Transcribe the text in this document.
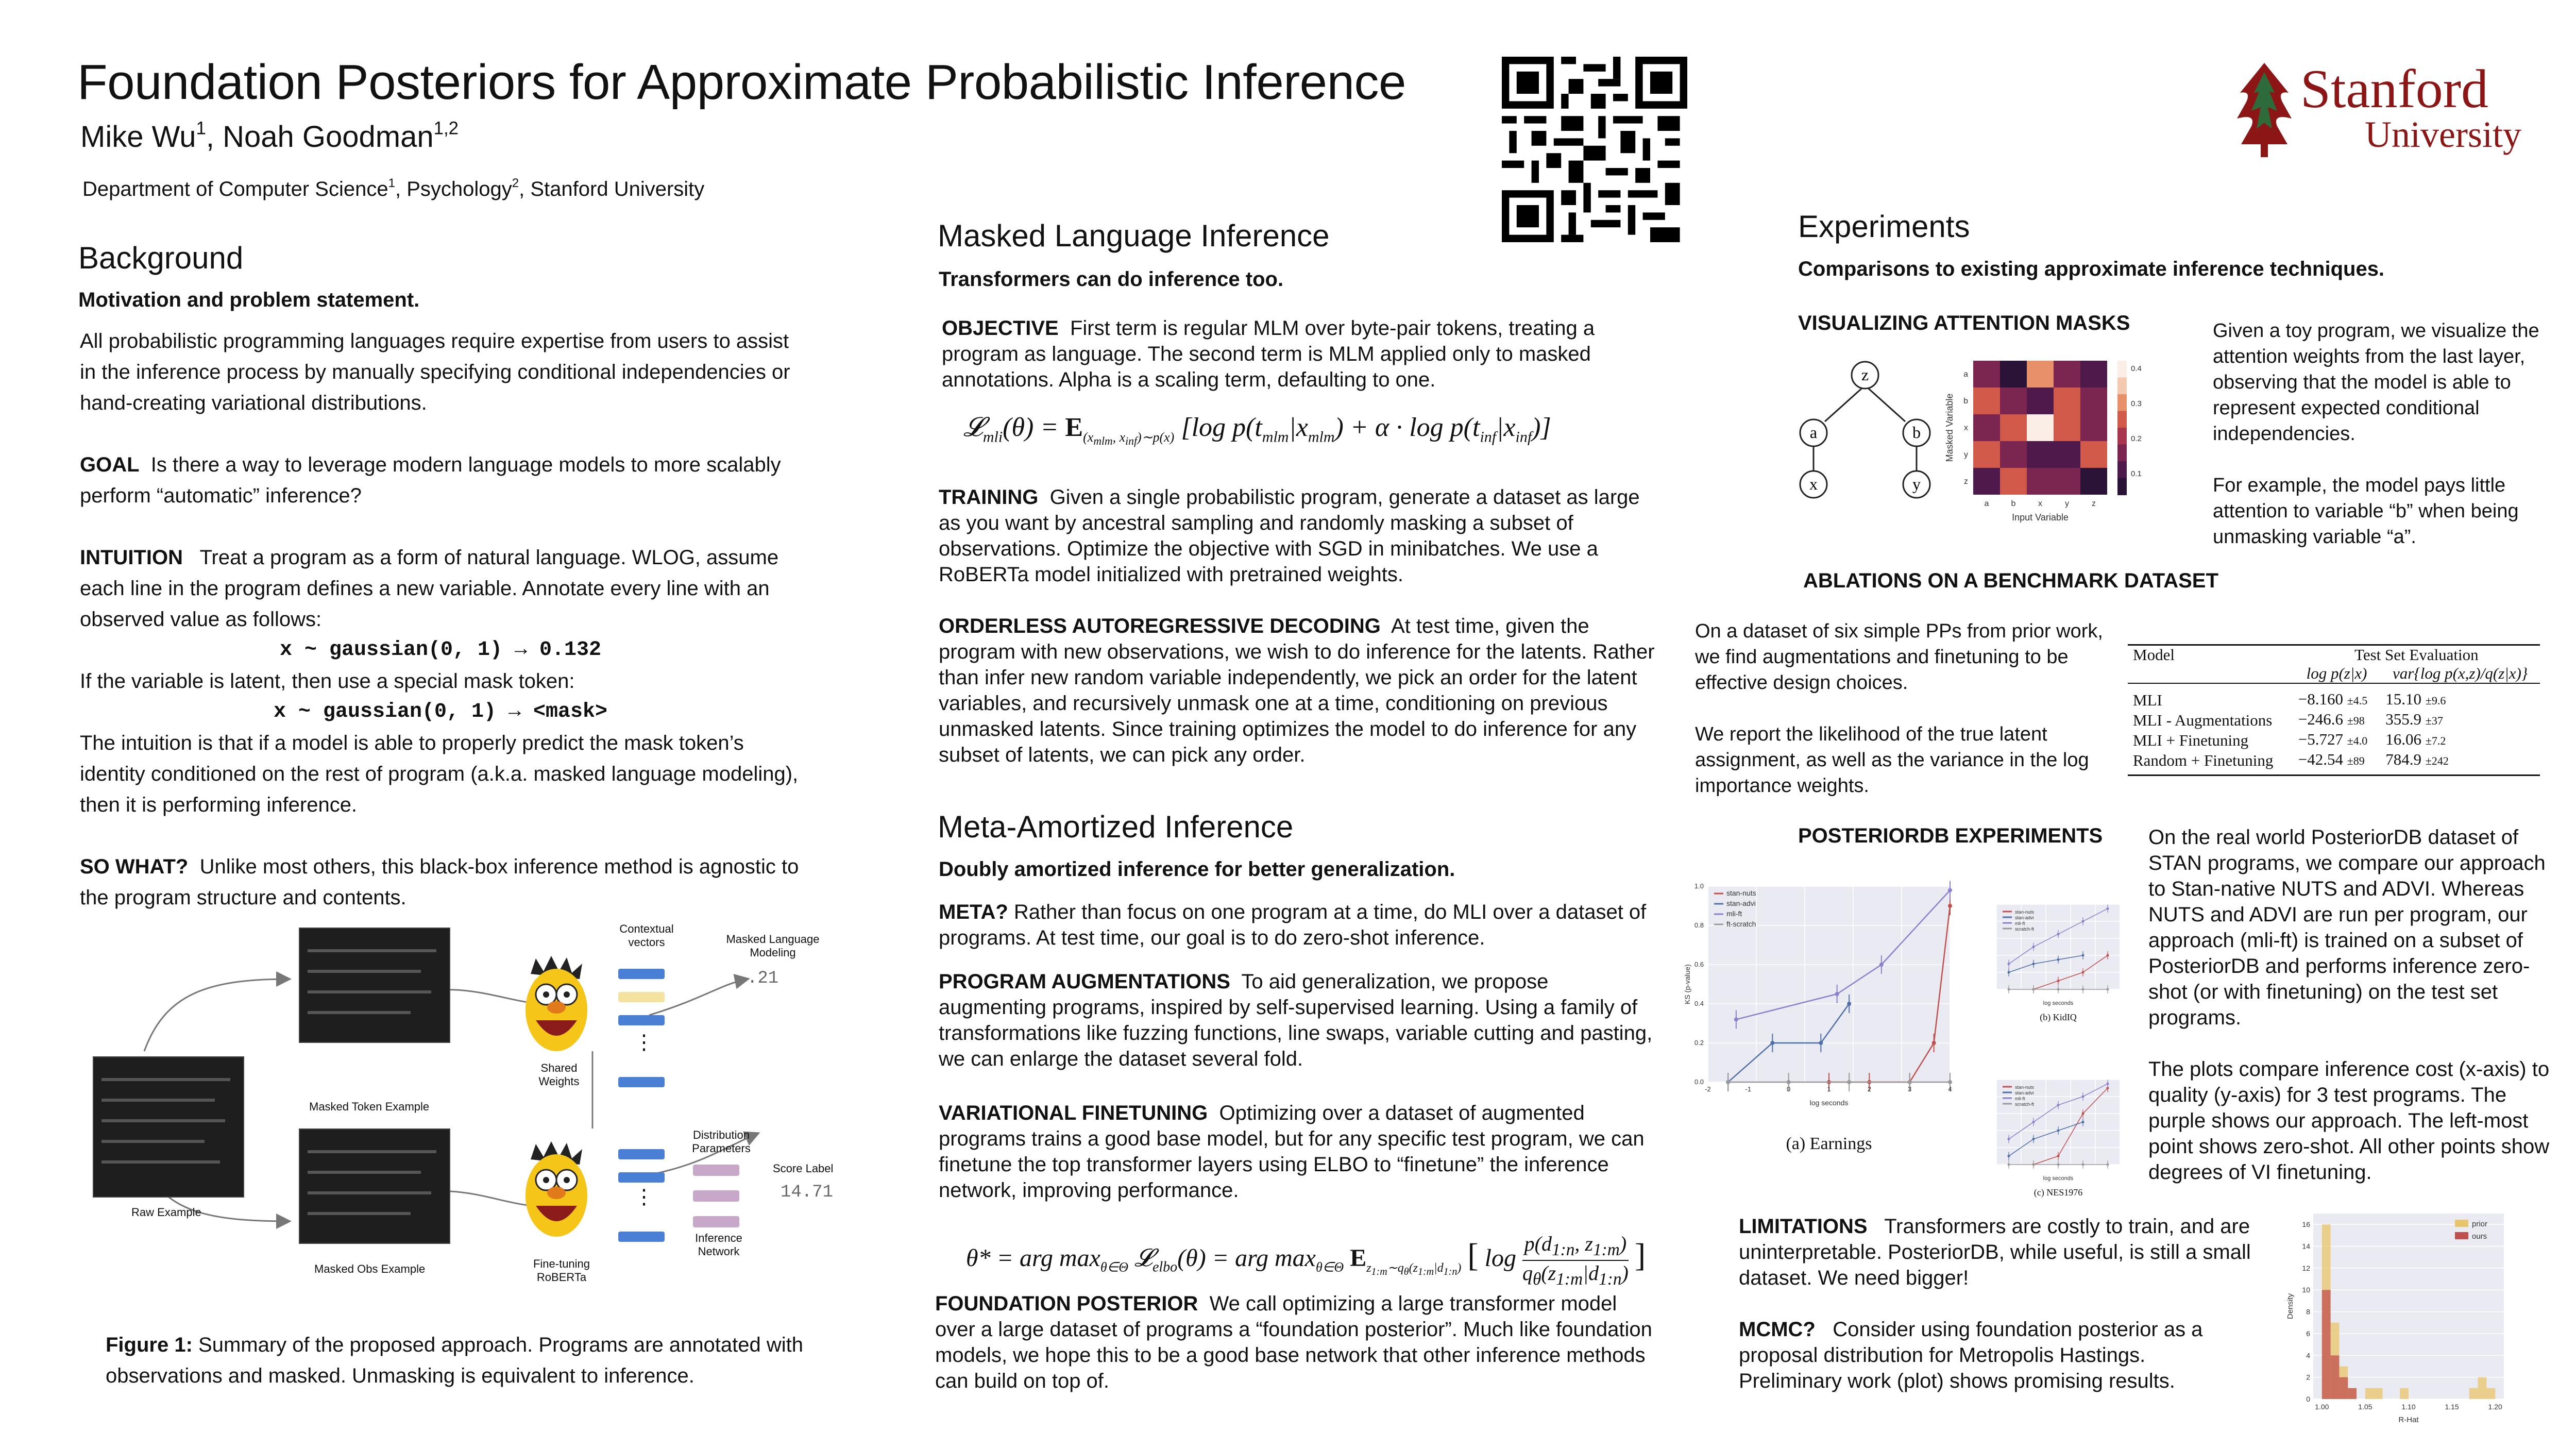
Foundation Posteriors for Approximate Probabilistic Inference
Mike Wu$^1$, Noah Goodman$^{1,2}$
Department of Computer Science$^1$, Psychology$^2$, Stanford University
Stanford
University
Background
Motivation and problem statement.

All probabilistic programming languages require expertise from users to assist in the inference process by manually specifying conditional independencies or hand-creating variational distributions.

GOAL Is there a way to leverage modern language models to more scalably perform “automatic” inference?

INTUITION Treat a program as a form of natural language. WLOG, assume each line in the program defines a new variable. Annotate every line with an observed value as follows:

x ~ gaussian(0, 1) → 0.132

If the variable is latent, then use a special mask token:

x ~ gaussian(0, 1) → <mask>

The intuition is that if a model is able to properly predict the mask token’s identity conditioned on the rest of program (a.k.a. masked language modeling), then it is performing inference.

SO WHAT? Unlike most others, this black-box inference method is agnostic to the program structure and contents.

Raw Example
Masked Token Example
Masked Obs Example
Shared Weights
Fine-tuning RoBERTa
Contextual vectors
⋮
Masked Language Modeling
.21
⋮
Distribution Parameters
Inference Network
Score Label
14.71
Figure 1: Summary of the proposed approach. Programs are annotated with observations and masked. Unmasking is equivalent to inference.
Masked Language Inference
Transformers can do inference too.
OBJECTIVE First term is regular MLM over byte-pair tokens, treating a program as language. The second term is MLM applied only to masked annotations. Alpha is a scaling term, defaulting to one.
𝓛$_{mli}$(θ) = $E_{(x_{mlm}, x_{inf})\sim p(x)}$ [log $p(t_{mlm}|x_{mlm}) + \alpha \cdot \log p(t_{inf}|x_{inf})$]
TRAINING Given a single probabilistic program, generate a dataset as large as you want by ancestral sampling and randomly masking a subset of observations. Optimize the objective with SGD in minibatches. We use a RoBERTa model initialized with pretrained weights.
ORDERLESS AUTOREGRESSIVE DECODING At test time, given the program with new observations, we wish to do inference for the latents. Rather than infer new random variable independently, we pick an order for the latent variables, and recursively unmask one at a time, conditioning on previous unmasked latents. Since training optimizes the model to do inference for any subset of latents, we can pick any order.
Meta-Amortized Inference
Doubly amortized inference for better generalization.
META? Rather than focus on one program at a time, do MLI over a dataset of programs. At test time, our goal is to do zero-shot inference.
PROGRAM AUGMENTATIONS To aid generalization, we propose augmenting programs, inspired by self-supervised learning. Using a family of transformations like fuzzing functions, line swaps, variable cutting and pasting, we can enlarge the dataset several fold.
VARIATIONAL FINETUNING Optimizing over a dataset of augmented programs trains a good base model, but for any specific test program, we can finetune the top transformer layers using ELBO to “finetune” the inference network, improving performance.
θ* = arg $\max_{\theta\in\Theta}$ 𝓛$_{elbo}$(θ) = arg $\max_{\theta\in\Theta} E_{z_{1:m}\sim q_\theta(z_{1:m}|d_{1:n})}$ [ $\log \frac{p(d_{1:n}, z_{1:m})}{q_\theta(z_{1:m}|d_{1:n})}$ ]
FOUNDATION POSTERIOR We call optimizing a large transformer model over a large dataset of programs a “foundation posterior”. Much like foundation models, we hope this to be a good base network that other inference methods can build on top of.
Experiments
Comparisons to existing approximate inference techniques.
VISUALIZING ATTENTION MASKS
z
a	b
x	y
a	b	x	y	z
a
b
x
y
z
Input Variable
Masked Variable
0.4
0.3
0.2
0.1

Given a toy program, we visualize the attention weights from the last layer, observing that the model is able to represent expected conditional independencies.

For example, the model pays little attention to variable “b” when being unmasking variable “a”.

ABLATIONS ON A BENCHMARK DATASET

On a dataset of six simple PPs from prior work, we find augmentations and finetuning to be effective design choices.

We report the likelihood of the true latent assignment, as well as the variance in the log importance weights.

Model	Test Set Evaluation	
	log p(z|x)	var{log p(x,z)/q(z|x)}

MLI	−8.160 ±4.5	15.10 ±9.6
MLI - Augmentations	−246.6 ±98	355.9 ±37
MLI + Finetuning	−5.727 ±4.0	16.06 ±7.2
Random + Finetuning	−42.54 ±89	784.9 ±242
POSTERIORDB EXPERIMENTS
-2	-1	0	1	2	3	4
0.0
0.2
0.4
0.6
0.8
1.0
log seconds
KS (p-value)
stan-nuts
stan-advi
mli-ft
ft-scratch
(a) Earnings
log seconds
stan-nuts
stan-advi
mli-ft
scratch-ft
(b) KidIQ
log seconds
stan-nuts
stan-advi
mli-ft
scratch-ft
(c) NES1976

On the real world PosteriorDB dataset of STAN programs, we compare our approach to Stan-native NUTS and ADVI. Whereas NUTS and ADVI are run per program, our approach (mli-ft) is trained on a subset of PosteriorDB and performs inference zero-shot (or with finetuning) on the test set programs.

The plots compare inference cost (x-axis) to quality (y-axis) for 3 test programs. The purple shows our approach. The left-most point shows zero-shot. All other points show degrees of VI finetuning.

LIMITATIONS Transformers are costly to train, and are uninterpretable. PosteriorDB, while useful, is still a small dataset. We need bigger!
MCMC? Consider using foundation posterior as a proposal distribution for Metropolis Hastings. Preliminary work (plot) shows promising results.
0
2
4
6
8
10
12
14
16
1.00	1.05	1.10	1.15	1.20
R-Hat
Density
prior
ours
